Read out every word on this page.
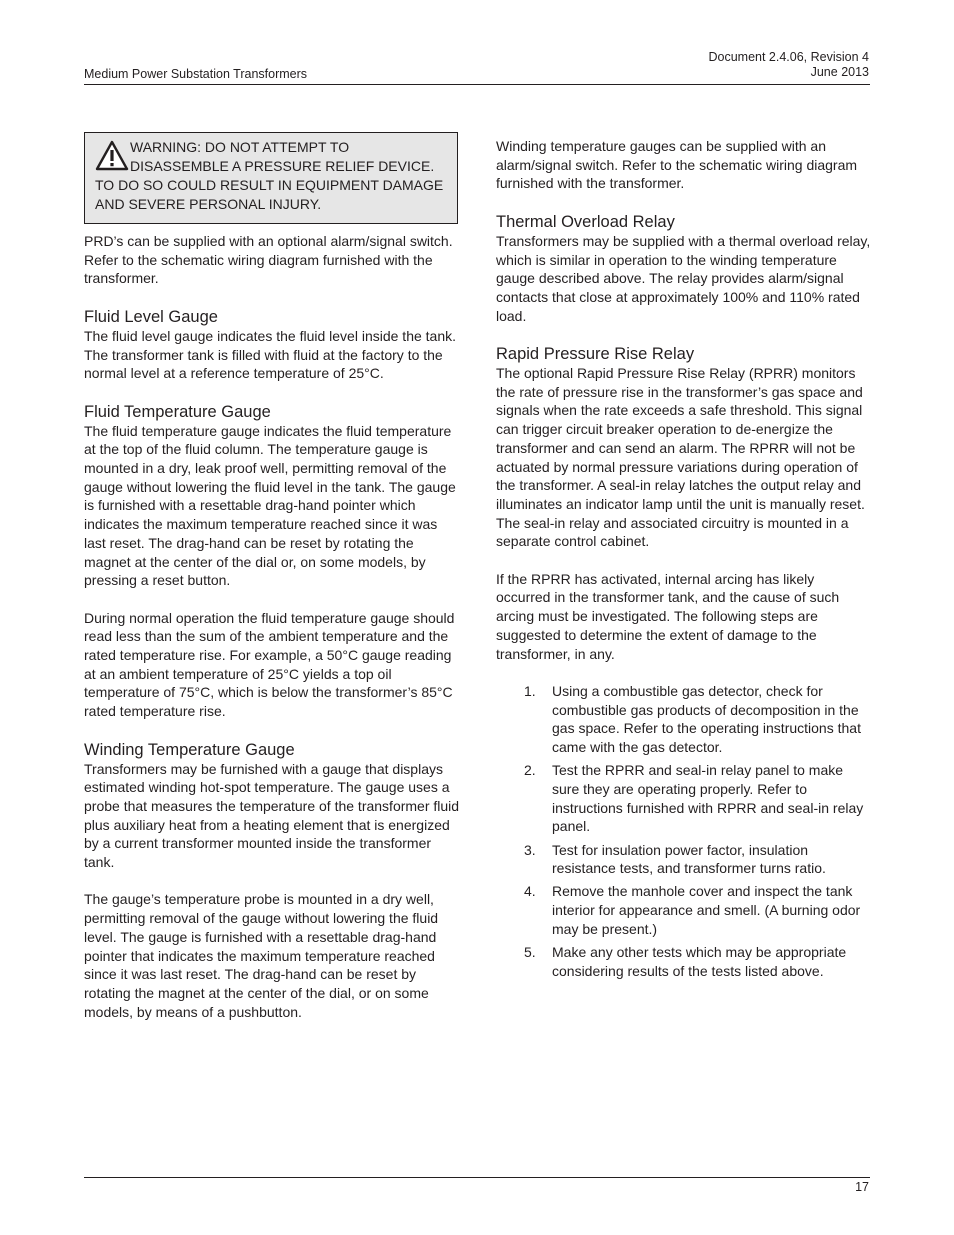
Document 2.4.06, Revision 4
June 2013
Medium Power Substation Transformers
WARNING: DO NOT ATTEMPT TO
DISASSEMBLE A PRESSURE RELIEF DEVICE.

TO DO SO COULD RESULT IN EQUIPMENT DAMAGE AND SEVERE PERSONAL INJURY.

PRD’s can be supplied with an optional alarm/signal switch. Refer to the schematic wiring diagram furnished with the transformer.

Fluid Level Gauge

The fluid level gauge indicates the fluid level inside the tank. The transformer tank is filled with fluid at the factory to the normal level at a reference temperature of 25°C.

Fluid Temperature Gauge

The fluid temperature gauge indicates the fluid temperature at the top of the fluid column. The temperature gauge is mounted in a dry, leak proof well, permitting removal of the gauge without lowering the fluid level in the tank. The gauge is furnished with a resettable drag-hand pointer which indicates the maximum temperature reached since it was last reset. The drag-hand can be reset by rotating the magnet at the center of the dial or, on some models, by pressing a reset button.

During normal operation the fluid temperature gauge should read less than the sum of the ambient temperature and the rated temperature rise. For example, a 50°C gauge reading at an ambient temperature of 25°C yields a top oil temperature of 75°C, which is below the transformer’s 85°C rated temperature rise.

Winding Temperature Gauge

Transformers may be furnished with a gauge that displays estimated winding hot-spot temperature. The gauge uses a probe that measures the temperature of the transformer fluid plus auxiliary heat from a heating element that is energized by a current transformer mounted inside the transformer tank.

The gauge’s temperature probe is mounted in a dry well, permitting removal of the gauge without lowering the fluid level. The gauge is furnished with a resettable drag-hand pointer that indicates the maximum temperature reached since it was last reset. The drag-hand can be reset by rotating the magnet at the center of the dial, or on some models, by means of a pushbutton.

Winding temperature gauges can be supplied with an alarm/signal switch. Refer to the schematic wiring diagram furnished with the transformer.

Thermal Overload Relay

Transformers may be supplied with a thermal overload relay, which is similar in operation to the winding temperature gauge described above. The relay provides alarm/signal contacts that close at approximately 100% and 110% rated load.

Rapid Pressure Rise Relay

The optional Rapid Pressure Rise Relay (RPRR) monitors the rate of pressure rise in the transformer’s gas space and signals when the rate exceeds a safe threshold. This signal can trigger circuit breaker operation to de-energize the transformer and can send an alarm. The RPRR will not be actuated by normal pressure variations during operation of the transformer. A seal-in relay latches the output relay and illuminates an indicator lamp until the unit is manually reset. The seal-in relay and associated circuitry is mounted in a separate control cabinet.

If the RPRR has activated, internal arcing has likely occurred in the transformer tank, and the cause of such arcing must be investigated. The following steps are suggested to determine the extent of damage to the transformer, in any.

1.	Using a combustible gas detector, check for combustible gas products of decomposition in the gas space. Refer to the operating instructions that came with the gas detector.
2.	Test the RPRR and seal-in relay panel to make sure they are operating properly. Refer to instructions furnished with RPRR and seal-in relay panel.
3.	Test for insulation power factor, insulation resistance tests, and transformer turns ratio.
4.	Remove the manhole cover and inspect the tank interior for appearance and smell. (A burning odor may be present.)
5.	Make any other tests which may be appropriate considering results of the tests listed above.
17
